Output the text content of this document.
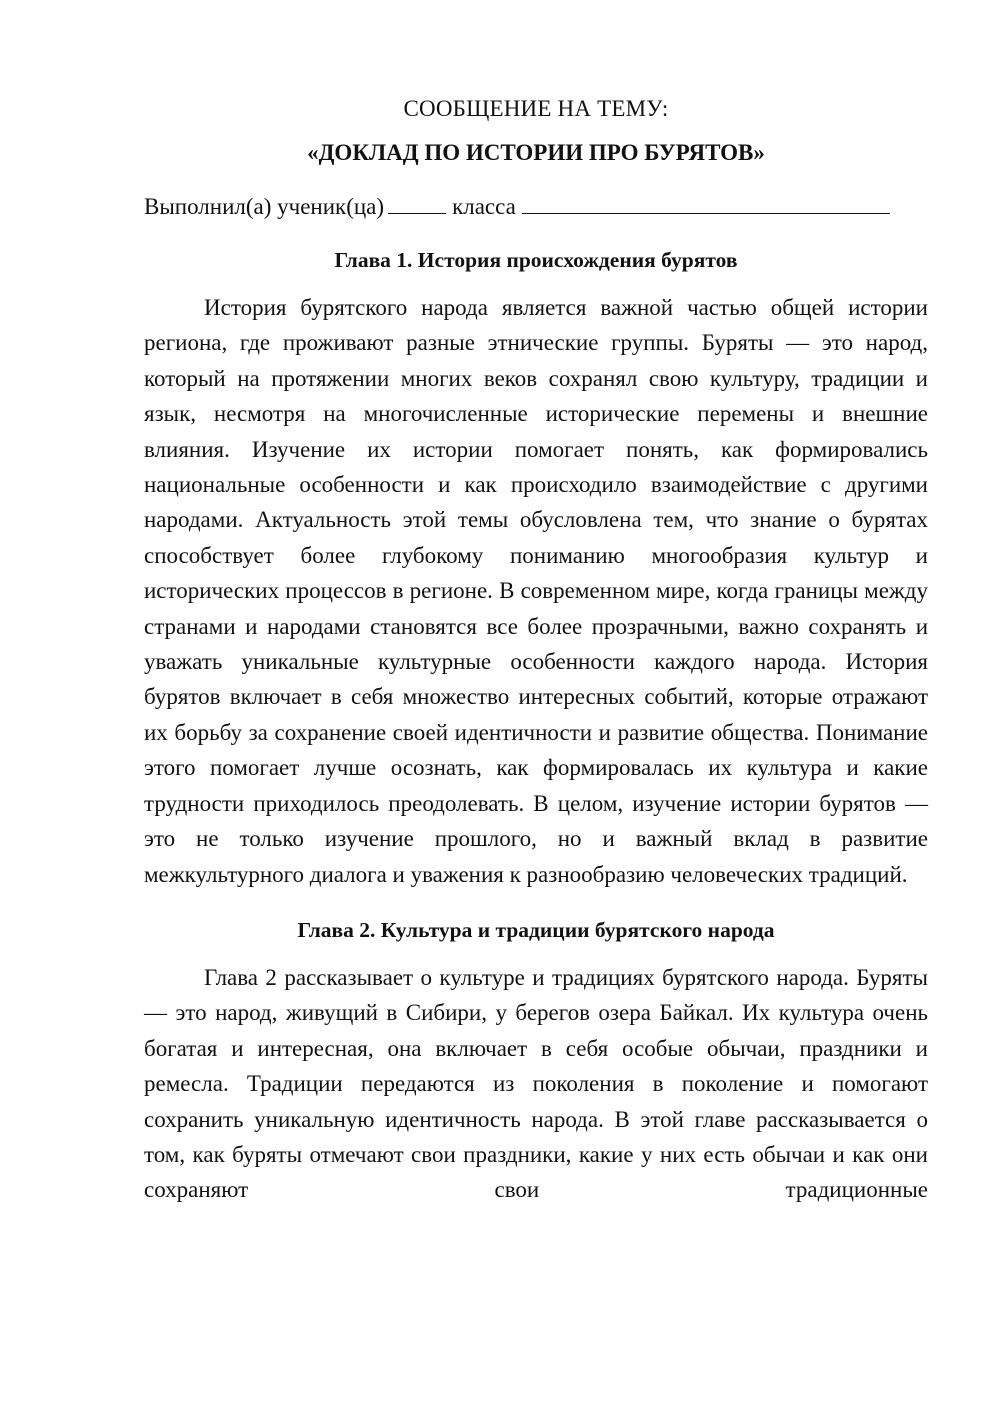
СООБЩЕНИЕ НА ТЕМУ:

«ДОКЛАД ПО ИСТОРИИ ПРО БУРЯТОВ»

Выполнил(а) ученик(ца)	класса

Глава 1. История происхождения бурятов

История бурятского народа является важной частью общей истории региона, где проживают разные этнические группы. Буряты — это народ, который на протяжении многих веков сохранял свою культуру, традиции и язык, несмотря на многочисленные исторические перемены и внешние влияния. Изучение их истории помогает понять, как формировались национальные особенности и как происходило взаимодействие с другими народами. Актуальность этой темы обусловлена тем, что знание о бурятах способствует более глубокому пониманию многообразия культур и исторических процессов в регионе. В современном мире, когда границы между странами и народами становятся все более прозрачными, важно сохранять и уважать уникальные культурные особенности каждого народа. История бурятов включает в себя множество интересных событий, которые отражают их борьбу за сохранение своей идентичности и развитие общества. Понимание этого помогает лучше осознать, как формировалась их культура и какие трудности приходилось преодолевать. В целом, изучение истории бурятов — это не только изучение прошлого, но и важный вклад в развитие межкультурного диалога и уважения к разнообразию человеческих традиций.

Глава 2. Культура и традиции бурятского народа

Глава 2 рассказывает о культуре и традициях бурятского народа. Буряты — это народ, живущий в Сибири, у берегов озера Байкал. Их культура очень богатая и интересная, она включает в себя особые обычаи, праздники и ремесла. Традиции передаются из поколения в поколение и помогают сохранить уникальную идентичность народа. В этой главе рассказывается о том, как буряты отмечают свои праздники, какие у них есть обычаи и как они сохраняют свои традиционные
